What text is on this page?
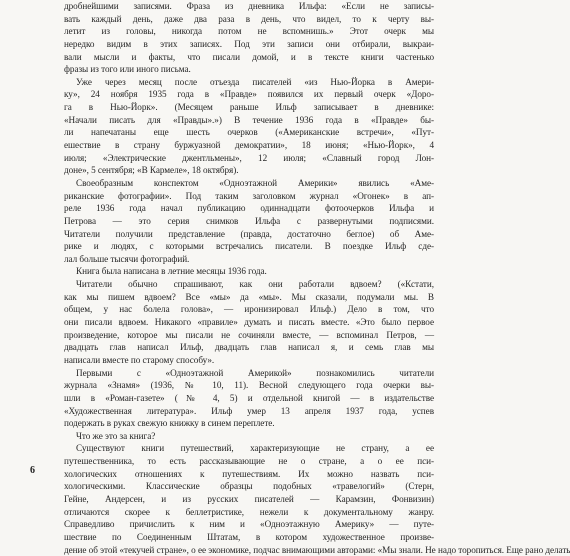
дробнейшими записями. Фраза из дневника Ильфа: «Если не записы-
вать каждый день, даже два раза в день, что видел, то к черту вы-
летит из головы, никогда потом не вспомнишь.» Этот очерк мы
нередко видим в этих записях. Под эти записи они отбирали, выкраи-
вали мысли и факты, что писали домой, и в тексте книги частенько
фразы из того или иного письма.
Уже через месяц после отъезда писателей «из Нью-Йорка в Амери-
ку», 24 ноября 1935 года в «Правде» появился их первый очерк «Доро-
га в Нью-Йорк». (Месяцем раньше Ильф записывает в дневнике:
«Начали писать для «Правды».») В течение 1936 года в «Правде» бы-
ли напечатаны еще шесть очерков («Американские встречи», «Пут-
ешествие в страну буржуазной демократии», 18 июня; «Нью-Йорк», 4
июля; «Электрические джентльмены», 12 июля; «Славный город Лон-
доне», 5 сентября; «В Кармеле», 18 октября).
Своеобразным конспектом «Одноэтажной Америки» явились «Аме-
риканские фотографии». Под таким заголовком журнал «Огонек» в ап-
реле 1936 года начал публикацию одиннадцати фотоочерков Ильфа и
Петрова — это серия снимков Ильфа с развернутыми подписями.
Читатели получили представление (правда, достаточно беглое) об Аме-
рике и людях, с которыми встречались писатели. В поездке Ильф сде-
лал больше тысячи фотографий.
Книга была написана в летние месяцы 1936 года.
Читатели обычно спрашивают, как они работали вдвоем? («Кстати,
как мы пишем вдвоем? Все «мы» да «мы». Мы сказали, подумали мы. В
общем, у нас болела голова», — иронизировал Ильф.) Дело в том, что
они писали вдвоем. Никакого «правиле» думать и писать вместе. «Это было первое
произведение, которое мы писали не сочиняли вместе, — вспоминал Петров, —
двадцать глав написал Ильф, двадцать глав написал я, и семь глав мы
написали вместе по старому способу».
Первыми с «Одноэтажной Америкой» познакомились читатели
журнала «Знамя» (1936, № 10, 11). Весной следующего года очерки вы-
шли в «Роман-газете» (№ 4, 5) и отдельной книгой — в издательстве
«Художественная литература». Ильф умер 13 апреля 1937 года, успев
подержать в руках свежую книжку в синем переплете.
Что же это за книга?
Существуют книги путешествий, характеризующие не страну, а ее
путешественника, то есть рассказывающие не о стране, а о ее пси-
хологических отношениях к путешествиям. Их можно назвать пси-
хологическими. Классические образцы подобных «травелогий» (Стерн,
Гейне, Андерсен, и из русских писателей — Карамзин, Фонвизин)
отличаются скорее к беллетристике, нежели к документальному жанру.
Справедливо причислить к ним и «Одноэтажную Америку» — путе-
шествие по Соединенным Штатам, в котором художественное произве-
дение об этой «текучей стране», о ее экономике, подчас внимающими авторами: «Мы знали. Не надо торопиться. Еще рано делать
6
